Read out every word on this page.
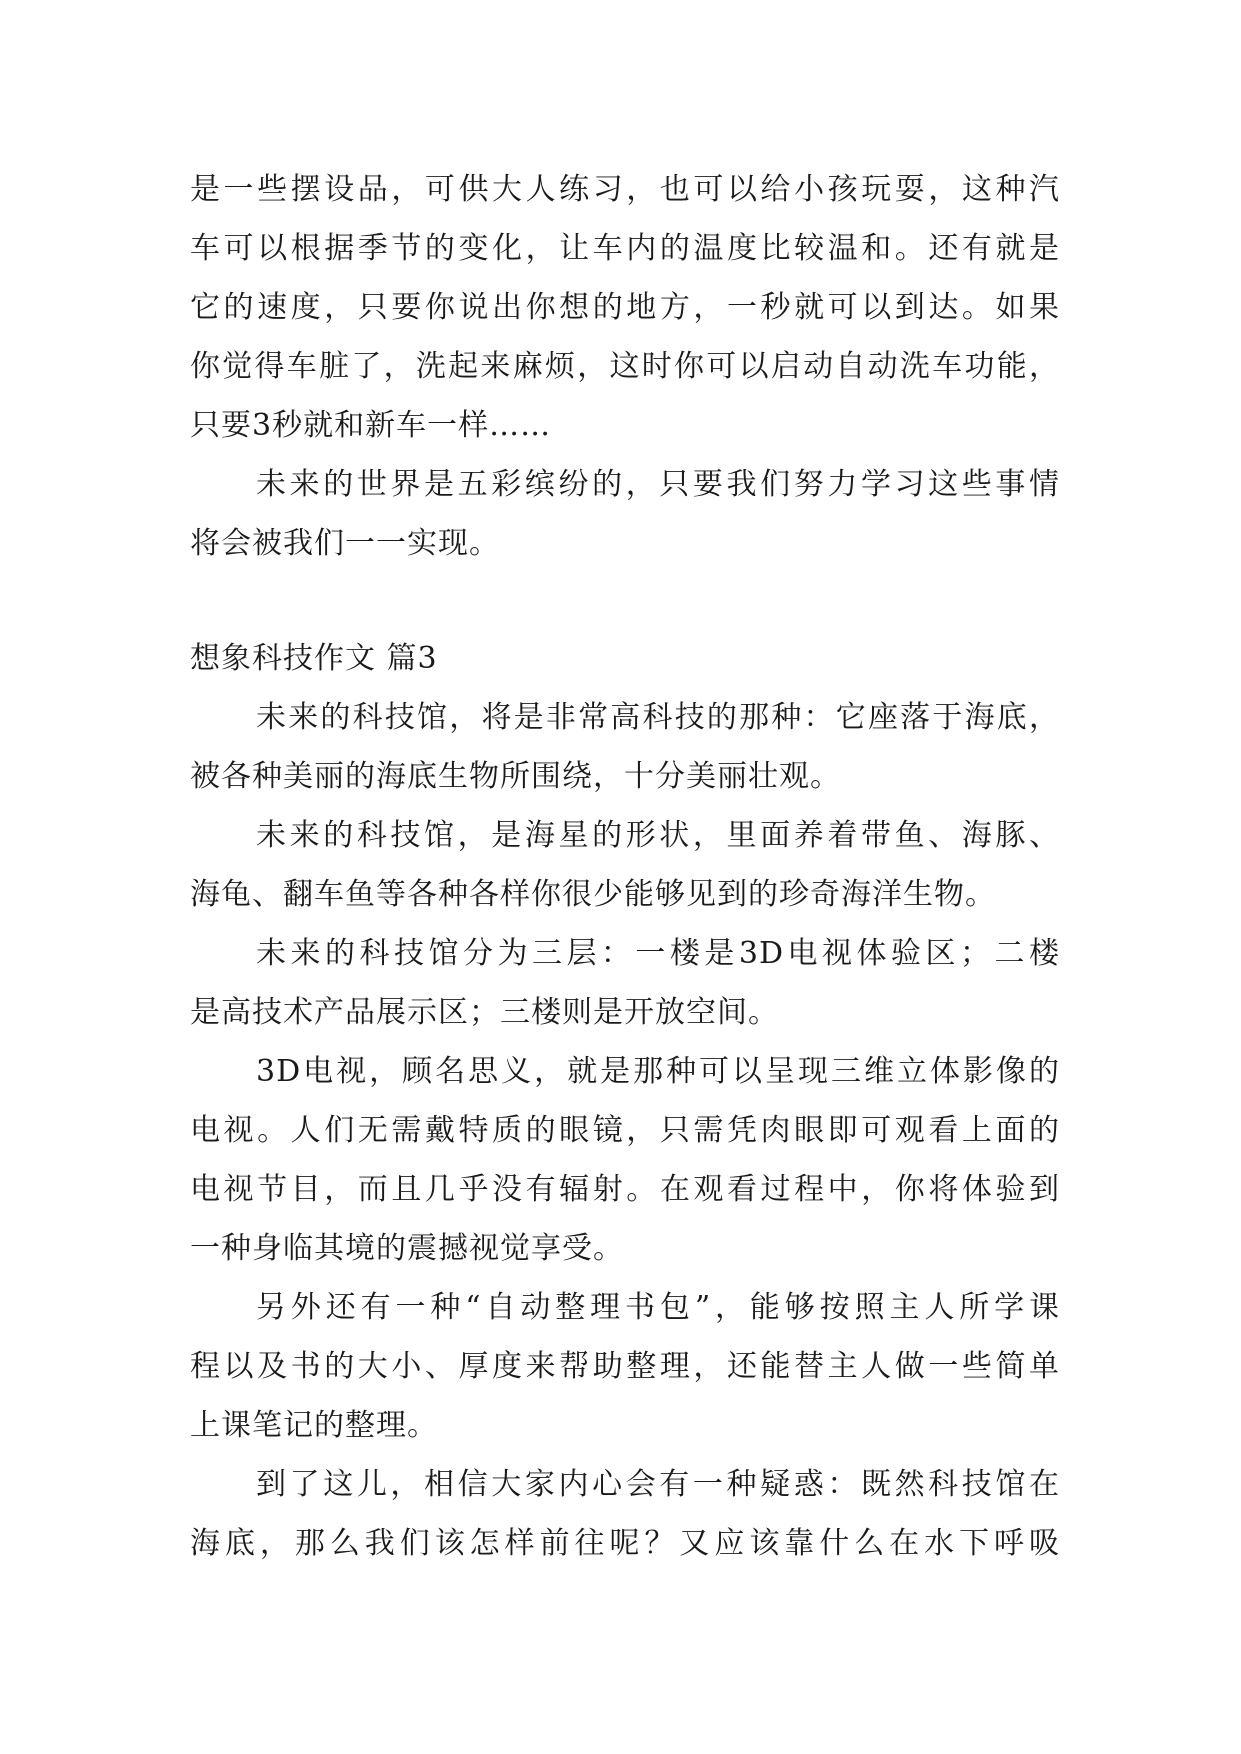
是一些摆设品，可供大人练习，也可以给小孩玩耍，这种汽
车可以根据季节的变化，让车内的温度比较温和。还有就是
它的速度，只要你说出你想的地方，一秒就可以到达。如果
你觉得车脏了，洗起来麻烦，这时你可以启动自动洗车功能，
只要3秒就和新车一样……
未来的世界是五彩缤纷的，只要我们努力学习这些事情
将会被我们一一实现。
想象科技作文 篇3
未来的科技馆，将是非常高科技的那种：它座落于海底，
被各种美丽的海底生物所围绕，十分美丽壮观。
未来的科技馆，是海星的形状，里面养着带鱼、海豚、
海龟、翻车鱼等各种各样你很少能够见到的珍奇海洋生物。
未来的科技馆分为三层：一楼是3D电视体验区；二楼
是高技术产品展示区；三楼则是开放空间。
3D电视，顾名思义，就是那种可以呈现三维立体影像的
电视。人们无需戴特质的眼镜，只需凭肉眼即可观看上面的
电视节目，而且几乎没有辐射。在观看过程中，你将体验到
一种身临其境的震撼视觉享受。
另外还有一种“自动整理书包”，能够按照主人所学课
程以及书的大小、厚度来帮助整理，还能替主人做一些简单
上课笔记的整理。
到了这儿，相信大家内心会有一种疑惑：既然科技馆在
海底，那么我们该怎样前往呢？又应该靠什么在水下呼吸
